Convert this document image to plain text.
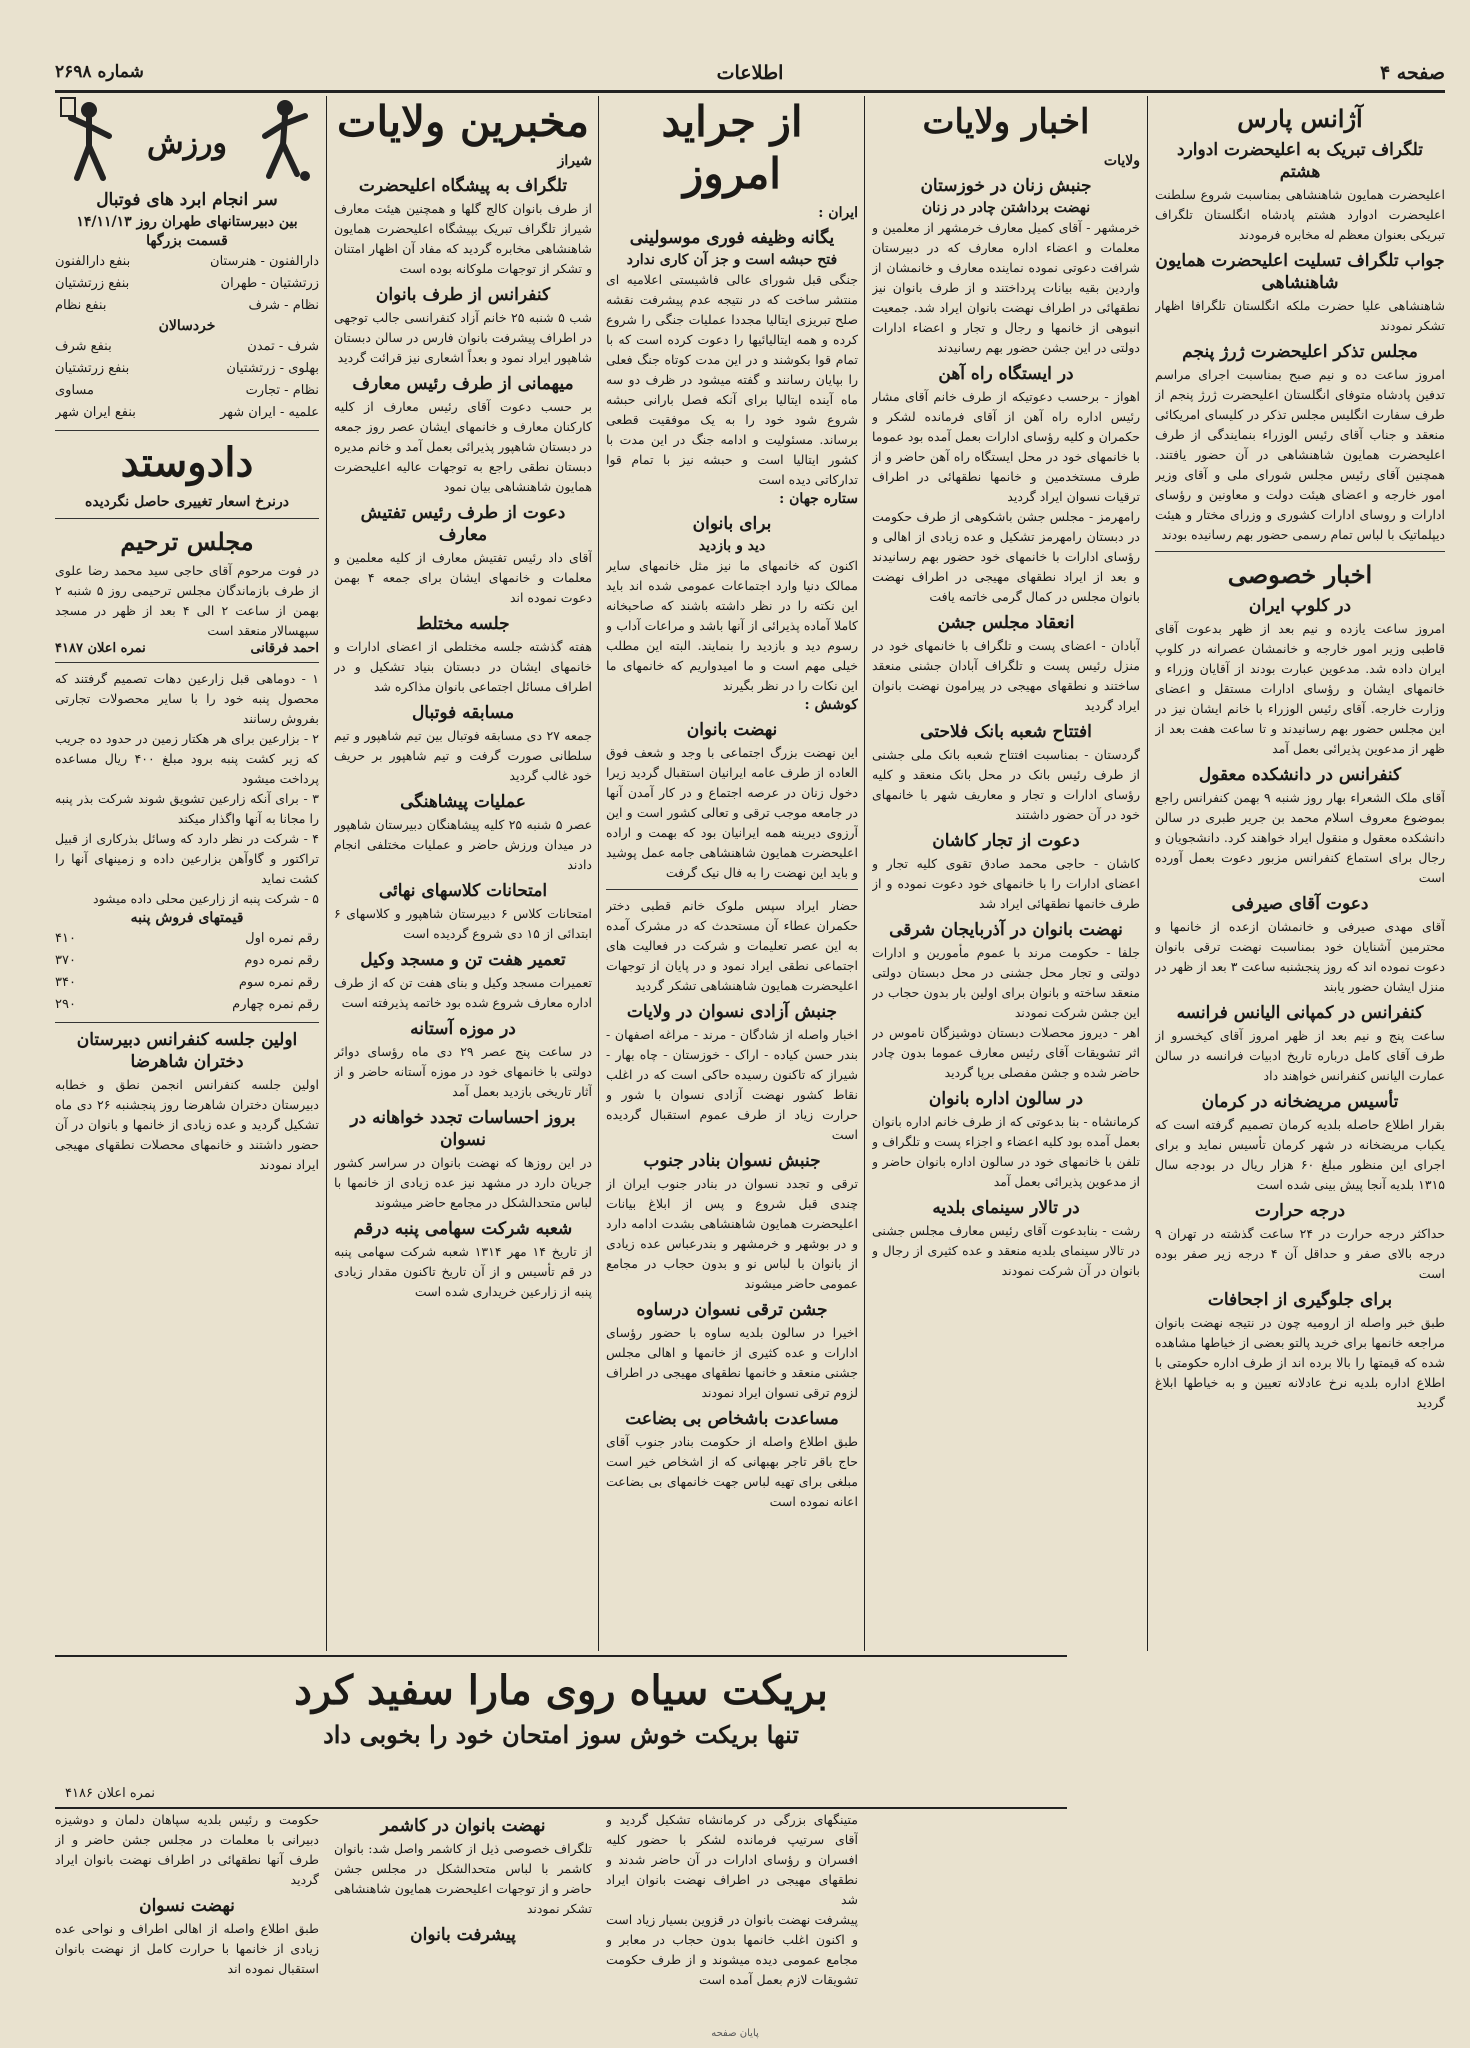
صفحه ۴
اطلاعات
شماره ۲۶۹۸
آژانس پارس
تلگراف تبریک به اعلیحضرت ادوارد هشتم

اعلیحضرت همایون شاهنشاهی بمناسبت شروع سلطنت اعلیحضرت ادوارد هشتم پادشاه انگلستان تلگراف تبریکی بعنوان معظم له مخابره فرمودند

جواب تلگراف تسلیت اعلیحضرت همایون شاهنشاهی

شاهنشاهی علیا حضرت ملکه انگلستان تلگرافا اظهار تشکر نمودند

مجلس تذکر اعلیحضرت ژرژ پنجم

امروز ساعت ده و نیم صبح بمناسبت اجرای مراسم تدفین پادشاه متوفای انگلستان اعلیحضرت ژرژ پنجم از طرف سفارت انگلیس مجلس تذکر در کلیسای امریکائی منعقد و جناب آقای رئیس الوزراء بنمایندگی از طرف اعلیحضرت همایون شاهنشاهی در آن حضور یافتند. همچنین آقای رئیس مجلس شورای ملی و آقای وزیر امور خارجه و اعضای هیئت دولت و معاونین و رؤسای ادارات و روسای ادارات کشوری و وزرای مختار و هیئت دیپلماتیک با لباس تمام رسمی حضور بهم رسانیده بودند

اخبار خصوصی
در کلوپ ایران

امروز ساعت یازده و نیم بعد از ظهر بدعوت آقای قاطبی وزیر امور خارجه و خانمشان عصرانه در کلوپ ایران داده شد. مدعوین عبارت بودند از آقایان وزراء و خانمهای ایشان و رؤسای ادارات مستقل و اعضای وزارت خارجه. آقای رئیس الوزراء با خانم ایشان نیز در این مجلس حضور بهم رسانیدند و تا ساعت هفت بعد از ظهر از مدعوین پذیرائی بعمل آمد

کنفرانس در دانشکده معقول

آقای ملک الشعراء بهار روز شنبه ۹ بهمن کنفرانس راجع بموضوع معروف اسلام محمد بن جریر طبری در سالن دانشکده معقول و منقول ایراد خواهند کرد. دانشجویان و رجال برای استماع کنفرانس مزبور دعوت بعمل آورده است

دعوت آقای صیرفی

آقای مهدی صیرفی و خانمشان ازعده از خانمها و محترمین آشنایان خود بمناسبت نهضت ترقی بانوان دعوت نموده اند که روز پنجشنبه ساعت ۳ بعد از ظهر در منزل ایشان حضور یابند

کنفرانس در کمپانی الیانس فرانسه

ساعت پنج و نیم بعد از ظهر امروز آقای کیخسرو از طرف آقای کامل درباره تاریخ ادبیات فرانسه در سالن عمارت الیانس کنفرانس خواهند داد

تأسیس مریضخانه در کرمان

بقرار اطلاع حاصله بلدیه کرمان تصمیم گرفته است که یکباب مریضخانه در شهر کرمان تأسیس نماید و برای اجرای این منظور مبلغ ۶۰ هزار ریال در بودجه سال ۱۳۱۵ بلدیه آنجا پیش بینی شده است

درجه حرارت

حداکثر درجه حرارت در ۲۴ ساعت گذشته در تهران ۹ درجه بالای صفر و حداقل آن ۴ درجه زیر صفر بوده است

برای جلوگیری از اجحافات

طبق خبر واصله از ارومیه چون در نتیجه نهضت بانوان مراجعه خانمها برای خرید پالتو بعضی از خیاطها مشاهده شده که قیمتها را بالا برده اند از طرف اداره حکومتی با اطلاع اداره بلدیه نرخ عادلانه تعیین و به خیاطها ابلاغ گردید

اخبار ولایات
ولایات
جنبش زنان در خوزستان
نهضت برداشتن چادر در زنان

خرمشهر - آقای کمیل معارف خرمشهر از معلمین و معلمات و اعضاء اداره معارف که در دبیرستان شرافت دعوتی نموده نماینده معارف و خانمشان از واردین بقیه بیانات پرداختند و از طرف بانوان نیز نطقهائی در اطراف نهضت بانوان ایراد شد. جمعیت انبوهی از خانمها و رجال و تجار و اعضاء ادارات دولتی در این جشن حضور بهم رسانیدند

در ایستگاه راه آهن

اهواز - برحسب دعوتیکه از طرف خانم آقای مشار رئیس اداره راه آهن از آقای فرمانده لشکر و حکمران و کلیه رؤسای ادارات بعمل آمده بود عموما با خانمهای خود در محل ایستگاه راه آهن حاضر و از طرف مستخدمین و خانمها نطقهائی در اطراف ترقیات نسوان ایراد گردید

رامهرمز - مجلس جشن باشکوهی از طرف حکومت در دبستان رامهرمز تشکیل و عده زیادی از اهالی و رؤسای ادارات با خانمهای خود حضور بهم رسانیدند و بعد از ایراد نطقهای مهیجی در اطراف نهضت بانوان مجلس در کمال گرمی خاتمه یافت

انعقاد مجلس جشن

آبادان - اعضای پست و تلگراف با خانمهای خود در منزل رئیس پست و تلگراف آبادان جشنی منعقد ساختند و نطقهای مهیجی در پیرامون نهضت بانوان ایراد گردید

افتتاح شعبه بانک فلاحتی

گردستان - بمناسبت افتتاح شعبه بانک ملی جشنی از طرف رئیس بانک در محل بانک منعقد و کلیه رؤسای ادارات و تجار و معاریف شهر با خانمهای خود در آن حضور داشتند

دعوت از تجار کاشان

کاشان - حاجی محمد صادق تقوی کلیه تجار و اعضای ادارات را با خانمهای خود دعوت نموده و از طرف خانمها نطقهائی ایراد شد

نهضت بانوان در آذربایجان شرقی

جلفا - حکومت مرند با عموم مأمورین و ادارات دولتی و تجار محل جشنی در محل دبستان دولتی منعقد ساخته و بانوان برای اولین بار بدون حجاب در این جشن شرکت نمودند

اهر - دیروز محصلات دبستان دوشیزگان ناموس در اثر تشویقات آقای رئیس معارف عموما بدون چادر حاضر شده و جشن مفصلی برپا گردید

در سالون اداره بانوان

کرمانشاه - بنا بدعوتی که از طرف خانم اداره بانوان بعمل آمده بود کلیه اعضاء و اجزاء پست و تلگراف و تلفن با خانمهای خود در سالون اداره بانوان حاضر و از مدعوین پذیرائی بعمل آمد

در تالار سینمای بلدیه

رشت - بنابدعوت آقای رئیس معارف مجلس جشنی در تالار سینمای بلدیه منعقد و عده کثیری از رجال و بانوان در آن شرکت نمودند

از جراید امروز
ایران :
یگانه وظیفه فوری موسولینی
فتح حبشه است و جز آن کاری ندارد

جنگی قبل شورای عالی فاشیستی اعلامیه ای منتشر ساخت که در نتیجه عدم پیشرفت نقشه صلح تبریزی ایتالیا مجددا عملیات جنگی را شروع کرده و همه ایتالیائیها را دعوت کرده است که با تمام قوا بکوشند و در این مدت کوتاه جنگ فعلی را بپایان رسانند و گفته میشود در ظرف دو سه ماه آینده ایتالیا برای آنکه فصل بارانی حبشه شروع شود خود را به یک موفقیت قطعی برساند. مسئولیت و ادامه جنگ در این مدت با کشور ایتالیا است و حبشه نیز با تمام قوا تدارکاتی دیده است

ستاره جهان :
برای بانوان
دید و بازدید

اکنون که خانمهای ما نیز مثل خانمهای سایر ممالک دنیا وارد اجتماعات عمومی شده اند باید این نکته را در نظر داشته باشند که صاحبخانه کاملا آماده پذیرائی از آنها باشد و مراعات آداب و رسوم دید و بازدید را بنمایند. البته این مطلب خیلی مهم است و ما امیدواریم که خانمهای ما این نکات را در نظر بگیرند

کوشش :
نهضت بانوان

این نهضت بزرگ اجتماعی با وجد و شعف فوق العاده از طرف عامه ایرانیان استقبال گردید زیرا دخول زنان در عرصه اجتماع و در کار آمدن آنها در جامعه موجب ترقی و تعالی کشور است و این آرزوی دیرینه همه ایرانیان بود که بهمت و اراده اعلیحضرت همایون شاهنشاهی جامه عمل پوشید و باید این نهضت را به فال نیک گرفت

حضار ایراد سپس ملوک خانم قطبی دختر حکمران عطاء آن مستحدث که در مشرک آمده به این عصر تعلیمات و شرکت در فعالیت های اجتماعی نطقی ایراد نمود و در پایان از توجهات اعلیحضرت همایون شاهنشاهی تشکر گردید

جنبش آزادی نسوان در ولایات

اخبار واصله از شادگان - مرند - مراغه اصفهان - بندر حسن کیاده - اراک - خوزستان - چاه بهار - شیراز که تاکنون رسیده حاکی است که در اغلب نقاط کشور نهضت آزادی نسوان با شور و حرارت زیاد از طرف عموم استقبال گردیده است

جنبش نسوان بنادر جنوب

ترقی و تجدد نسوان در بنادر جنوب ایران از چندی قبل شروع و پس از ابلاغ بیانات اعلیحضرت همایون شاهنشاهی بشدت ادامه دارد و در بوشهر و خرمشهر و بندرعباس عده زیادی از بانوان با لباس نو و بدون حجاب در مجامع عمومی حاضر میشوند

جشن ترقی نسوان درساوه

اخیرا در سالون بلدیه ساوه با حضور رؤسای ادارات و عده کثیری از خانمها و اهالی مجلس جشنی منعقد و خانمها نطقهای مهیجی در اطراف لزوم ترقی نسوان ایراد نمودند

مساعدت باشخاص بی بضاعت

طبق اطلاع واصله از حکومت بنادر جنوب آقای حاج باقر تاجر بهبهانی که از اشخاص خیر است مبلغی برای تهیه لباس جهت خانمهای بی بضاعت اعانه نموده است

مخبرین ولایات
شیراز
تلگراف به پیشگاه اعلیحضرت

از طرف بانوان کالج گلها و همچنین هیئت معارف شیراز تلگراف تبریک بپیشگاه اعلیحضرت همایون شاهنشاهی مخابره گردید که مفاد آن اظهار امتنان و تشکر از توجهات ملوکانه بوده است

کنفرانس از طرف بانوان

شب ۵ شنبه ۲۵ خانم آزاد کنفرانسی جالب توجهی در اطراف پیشرفت بانوان فارس در سالن دبستان شاهپور ایراد نمود و بعداً اشعاری نیز قرائت گردید

میهمانی از طرف رئیس معارف

بر حسب دعوت آقای رئیس معارف از کلیه کارکنان معارف و خانمهای ایشان عصر روز جمعه در دبستان شاهپور پذیرائی بعمل آمد و خانم مدیره دبستان نطقی راجع به توجهات عالیه اعلیحضرت همایون شاهنشاهی بیان نمود

دعوت از طرف رئیس تفتیش معارف

آقای داد رئیس تفتیش معارف از کلیه معلمین و معلمات و خانمهای ایشان برای جمعه ۴ بهمن دعوت نموده اند

جلسه مختلط

هفته گذشته جلسه مختلطی از اعضای ادارات و خانمهای ایشان در دبستان بنیاد تشکیل و در اطراف مسائل اجتماعی بانوان مذاکره شد

مسابقه فوتبال

جمعه ۲۷ دی مسابقه فوتبال بین تیم شاهپور و تیم سلطانی صورت گرفت و تیم شاهپور بر حریف خود غالب گردید

عملیات پیشاهنگی

عصر ۵ شنبه ۲۵ کلیه پیشاهنگان دبیرستان شاهپور در میدان ورزش حاضر و عملیات مختلفی انجام دادند

امتحانات کلاسهای نهائی

امتحانات کلاس ۶ دبیرستان شاهپور و کلاسهای ۶ ابتدائی از ۱۵ دی شروع گردیده است

تعمیر هفت تن و مسجد وکیل

تعمیرات مسجد وکیل و بنای هفت تن که از طرف اداره معارف شروع شده بود خاتمه پذیرفته است

در موزه آستانه

در ساعت پنج عصر ۲۹ دی ماه رؤسای دوائر دولتی با خانمهای خود در موزه آستانه حاضر و از آثار تاریخی بازدید بعمل آمد

بروز احساسات تجدد خواهانه در نسوان

در این روزها که نهضت بانوان در سراسر کشور جریان دارد در مشهد نیز عده زیادی از خانمها با لباس متحدالشکل در مجامع حاضر میشوند

شعبه شرکت سهامی پنبه درقم

از تاریخ ۱۴ مهر ۱۳۱۴ شعبه شرکت سهامی پنبه در قم تأسیس و از آن تاریخ تاکنون مقدار زیادی پنبه از زارعین خریداری شده است

ورزش
سر انجام ابرد های فوتبال
بین دبیرستانهای طهران روز ۱۴/۱۱/۱۳
قسمت بزرگها
دارالفنون - هنرستان
بنفع دارالفنون
زرتشتیان - طهران
بنفع زرتشتیان
نظام - شرف
بنفع نظام
خردسالان
شرف - تمدن
بنفع شرف
بهلوی - زرتشتیان
بنفع زرتشتیان
نظام - تجارت
مساوی
علمیه - ایران شهر
بنفع ایران شهر
دادوستد
درنرخ اسعار تغییری حاصل نگردیده
مجلس ترحیم

در فوت مرحوم آقای حاجی سید محمد رضا علوی از طرف بازماندگان مجلس ترحیمی روز ۵ شنبه ۲ بهمن از ساعت ۲ الی ۴ بعد از ظهر در مسجد سپهسالار منعقد است

احمد فرقانی
نمره اعلان ۴۱۸۷

۱ - دوماهی قبل زارعین دهات تصمیم گرفتند که محصول پنبه خود را با سایر محصولات تجارتی بفروش رسانند

۲ - بزارعین برای هر هکتار زمین در حدود ده جریب که زیر کشت پنبه برود مبلغ ۴۰۰ ریال مساعده پرداخت میشود

۳ - برای آنکه زارعین تشویق شوند شرکت بذر پنبه را مجانا به آنها واگذار میکند

۴ - شرکت در نظر دارد که وسائل بذرکاری از قبیل تراکتور و گاوآهن بزارعین داده و زمینهای آنها را کشت نماید

۵ - شرکت پنبه از زارعین محلی داده میشود

قیمتهای فروش پنبه
رقم نمره اول
۴۱۰
رقم نمره دوم
۳۷۰
رقم نمره سوم
۳۴۰
رقم نمره چهارم
۲۹۰
اولین جلسه کنفرانس دبیرستان دختران شاهرضا

اولین جلسه کنفرانس انجمن نطق و خطابه دبیرستان دختران شاهرضا روز پنجشنبه ۲۶ دی ماه تشکیل گردید و عده زیادی از خانمها و بانوان در آن حضور داشتند و خانمهای محصلات نطقهای مهیجی ایراد نمودند

بریکت سیاه روی مارا سفید کرد
تنها بریکت خوش سوز امتحان خود را بخوبی داد
نمره اعلان ۴۱۸۶
نهضت بانوان در کاشمر

تلگراف خصوصی ذیل از کاشمر واصل شد: بانوان کاشمر با لباس متحدالشکل در مجلس جشن حاضر و از توجهات اعلیحضرت همایون شاهنشاهی تشکر نمودند

پیشرفت بانوان

متینگهای بزرگی در کرمانشاه تشکیل گردید و آقای سرتیپ فرمانده لشکر با حضور کلیه افسران و رؤسای ادارات در آن حاضر شدند و نطقهای مهیجی در اطراف نهضت بانوان ایراد شد

پیشرفت نهضت بانوان در قزوین بسیار زیاد است و اکنون اغلب خانمها بدون حجاب در معابر و مجامع عمومی دیده میشوند و از طرف حکومت تشویقات لازم بعمل آمده است

حکومت و رئیس بلدیه سپاهان دلمان و دوشیزه دبیرانی با معلمات در مجلس جشن حاضر و از طرف آنها نطقهائی در اطراف نهضت بانوان ایراد گردید

نهضت نسوان

طبق اطلاع واصله از اهالی اطراف و نواحی عده زیادی از خانمها با حرارت کامل از نهضت بانوان استقبال نموده اند

پایان صفحه
